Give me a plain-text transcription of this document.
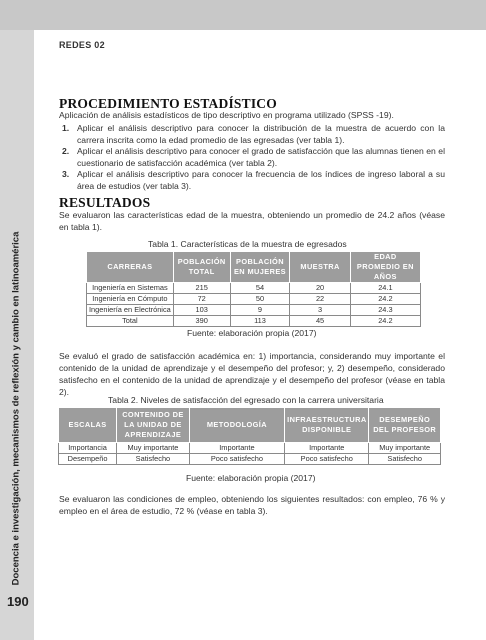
REDES 02
Docencia e investigación, mecanismos de reflexión y cambio en latinoamérica
190
PROCEDIMIENTO ESTADÍSTICO

Aplicación de análisis estadísticos de tipo descriptivo en programa utilizado (SPSS -19).

1. Aplicar el análisis descriptivo para conocer la distribución de la muestra de acuerdo con la carrera inscrita como la edad promedio de las egresadas (ver tabla 1).
2. Aplicar el análisis descriptivo para conocer el grado de satisfacción que las alumnas tienen en el cuestionario de satisfacción académica (ver tabla 2).
3. Aplicar el análisis descriptivo para conocer la frecuencia de los índices de ingreso laboral a su área de estudios (ver tabla 3).
RESULTADOS

Se evaluaron las características edad de la muestra, obteniendo un promedio de 24.2 años (véase en tabla 1).

Tabla 1. Características de la muestra de egresados
CARRERAS	POBLACIÓN TOTAL	POBLACIÓN EN MUJERES	MUESTRA	EDAD PROMEDIO EN AÑOS
Ingeniería en Sistemas	215	54	20	24.1
Ingeniería en Cómputo	72	50	22	24.2
Ingeniería en Electrónica	103	9	3	24.3
Total	390	113	45	24.2
Fuente: elaboración propia (2017)

Se evaluó el grado de satisfacción académica en: 1) importancia, considerando muy importante el contenido de la unidad de aprendizaje y el desempeño del profesor; y, 2) desempeño, considerado satisfecho en el contenido de la unidad de aprendizaje y el desempeño del profesor (véase en tabla 2).

Tabla 2. Niveles de satisfacción del egresado con la carrera universitaria
ESCALAS	CONTENIDO DE LA UNIDAD DE APRENDIZAJE	METODOLOGÍA	INFRAESTRUCTURA DISPONIBLE	DESEMPEÑO DEL PROFESOR
Importancia	Muy importante	Importante	Importante	Muy importante
Desempeño	Satisfecho	Poco satisfecho	Poco satisfecho	Satisfecho
Fuente: elaboración propia (2017)

Se evaluaron las condiciones de empleo, obteniendo los siguientes resultados: con empleo, 76 % y empleo en el área de estudio, 72 % (véase en tabla 3).
